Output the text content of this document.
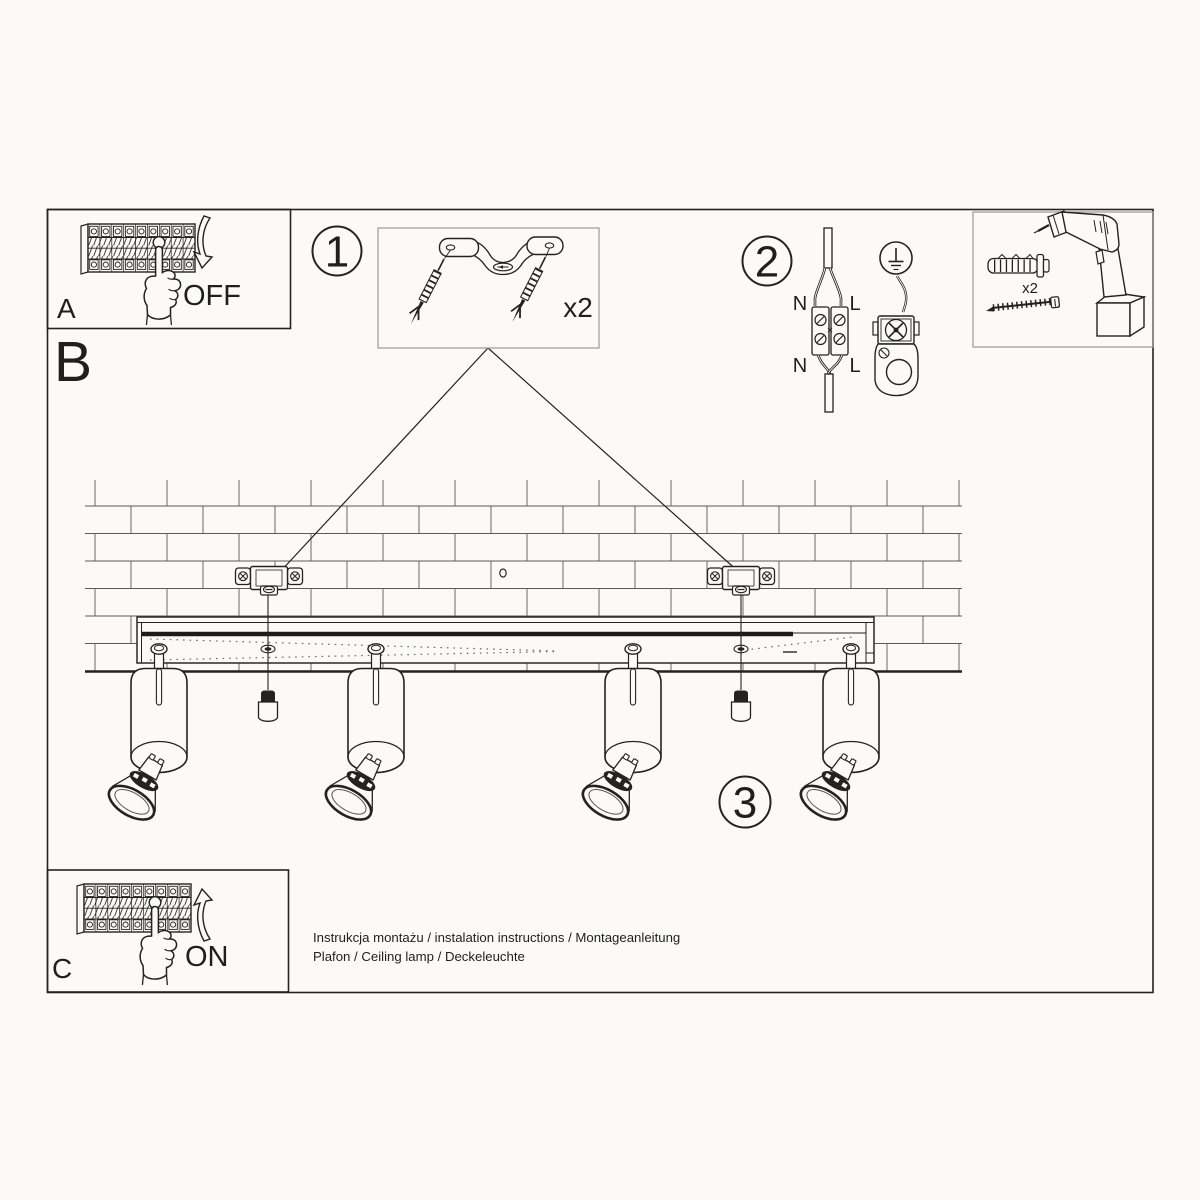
A	OFF
B
C	ON
1
x2
2
N L
N L
3
x2
Instrukcja montażu / instalation instructions / Montageanleitung
Plafon / Ceiling lamp / Deckeleuchte
